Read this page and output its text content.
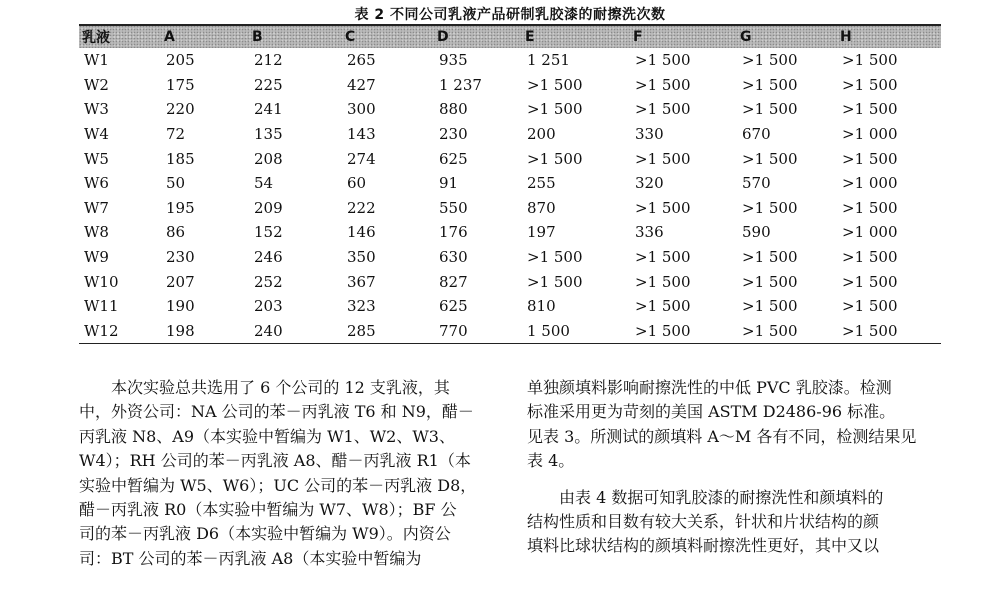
表 2 不同公司乳液产品研制乳胶漆的耐擦洗次数
乳液	A	B	C	D	E	F	G	H
W1	205	212	265	935	1 251	>1 500	>1 500	>1 500
W2	175	225	427	1 237	>1 500	>1 500	>1 500	>1 500
W3	220	241	300	880	>1 500	>1 500	>1 500	>1 500
W4	72	135	143	230	200	330	670	>1 000
W5	185	208	274	625	>1 500	>1 500	>1 500	>1 500
W6	50	54	60	91	255	320	570	>1 000
W7	195	209	222	550	870	>1 500	>1 500	>1 500
W8	86	152	146	176	197	336	590	>1 000
W9	230	246	350	630	>1 500	>1 500	>1 500	>1 500
W10	207	252	367	827	>1 500	>1 500	>1 500	>1 500
W11	190	203	323	625	810	>1 500	>1 500	>1 500
W12	198	240	285	770	1 500	>1 500	>1 500	>1 500

本次实验总共选用了 6 个公司的 12 支乳液，其

中，外资公司：NA 公司的苯－丙乳液 T6 和 N9，醋－

丙乳液 N8、A9（本实验中暂编为 W1、W2、W3、

W4）；RH 公司的苯－丙乳液 A8、醋－丙乳液 R1（本

实验中暂编为 W5、W6）；UC 公司的苯－丙乳液 D8，

醋－丙乳液 R0（本实验中暂编为 W7、W8）；BF 公

司的苯－丙乳液 D6（本实验中暂编为 W9）。内资公

司：BT 公司的苯－丙乳液 A8（本实验中暂编为

单独颜填料影响耐擦洗性的中低 PVC 乳胶漆。检测

标准采用更为苛刻的美国 ASTM D2486-96 标准。

见表 3。所测试的颜填料 A～M 各有不同，检测结果见

表 4。

由表 4 数据可知乳胶漆的耐擦洗性和颜填料的

结构性质和目数有较大关系，针状和片状结构的颜

填料比球状结构的颜填料耐擦洗性更好，其中又以
